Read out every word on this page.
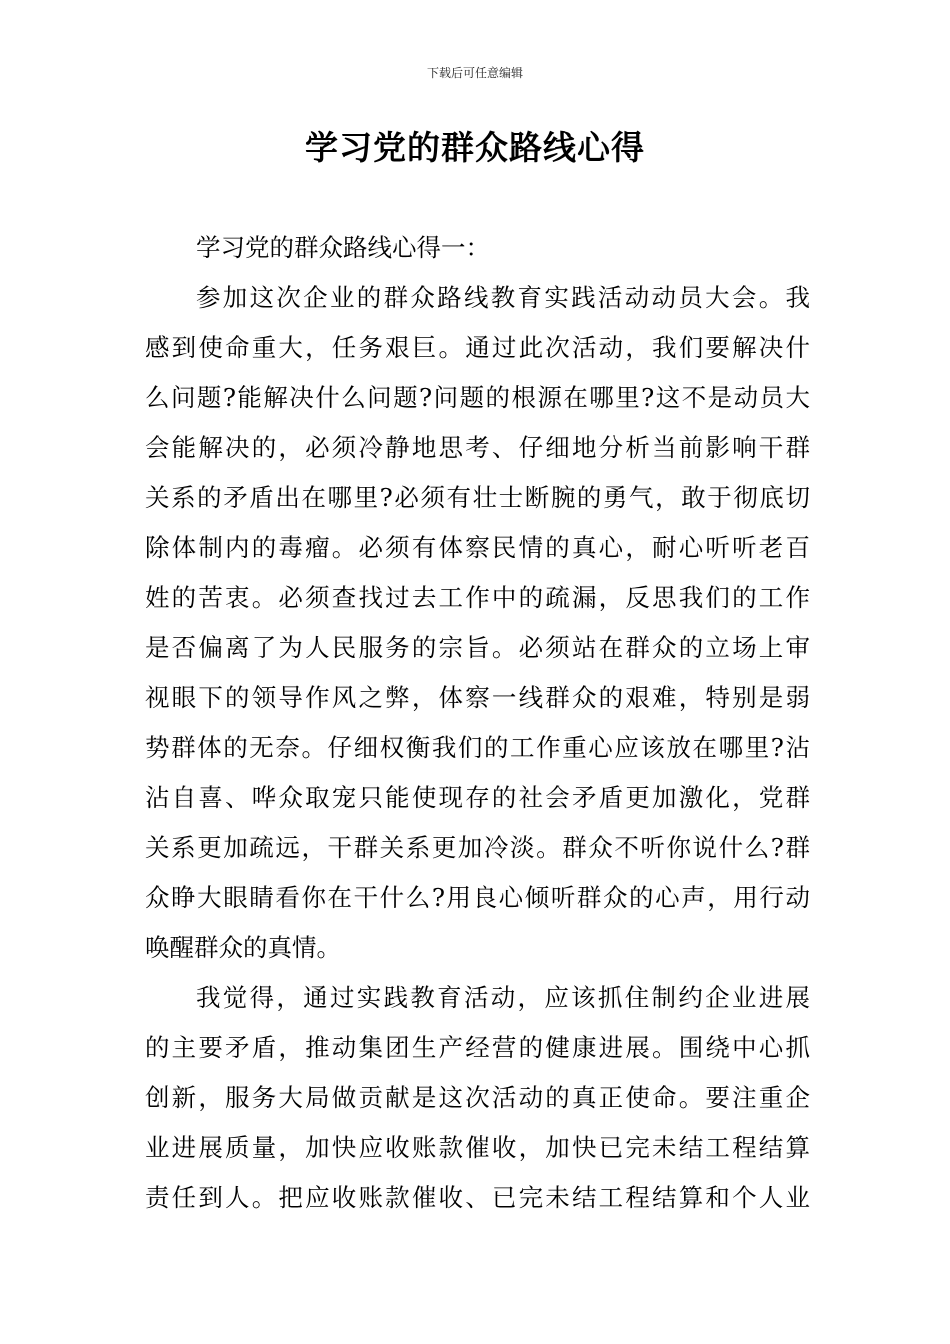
下载后可任意编辑
学习党的群众路线心得
学习党的群众路线心得一：
参加这次企业的群众路线教育实践活动动员大会。我
感到使命重大，任务艰巨。通过此次活动，我们要解决什
么问题?能解决什么问题?问题的根源在哪里?这不是动员大
会能解决的，必须冷静地思考、仔细地分析当前影响干群
关系的矛盾出在哪里?必须有壮士断腕的勇气，敢于彻底切
除体制内的毒瘤。必须有体察民情的真心，耐心听听老百
姓的苦衷。必须查找过去工作中的疏漏，反思我们的工作
是否偏离了为人民服务的宗旨。必须站在群众的立场上审
视眼下的领导作风之弊，体察一线群众的艰难，特别是弱
势群体的无奈。仔细权衡我们的工作重心应该放在哪里?沾
沾自喜、哗众取宠只能使现存的社会矛盾更加激化，党群
关系更加疏远，干群关系更加冷淡。群众不听你说什么?群
众睁大眼睛看你在干什么?用良心倾听群众的心声，用行动
唤醒群众的真情。
我觉得，通过实践教育活动，应该抓住制约企业进展
的主要矛盾，推动集团生产经营的健康进展。围绕中心抓
创新，服务大局做贡献是这次活动的真正使命。要注重企
业进展质量，加快应收账款催收，加快已完未结工程结算
责任到人。把应收账款催收、已完未结工程结算和个人业
